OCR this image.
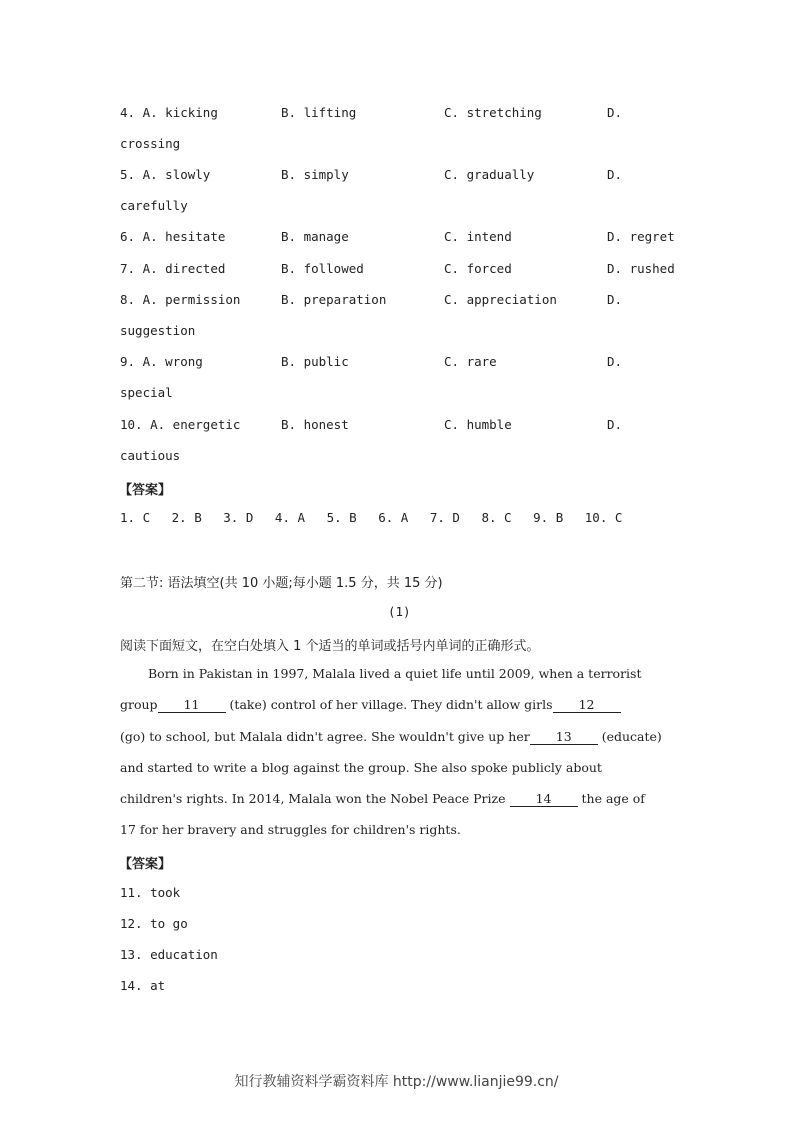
4. A. kicking	B. lifting	C. stretching	D.
crossing
5. A. slowly	B. simply	C. gradually	D.
carefully
6. A. hesitate	B. manage	C. intend	D. regret
7. A. directed	B. followed	C. forced	D. rushed
8. A. permission	B. preparation	C. appreciation	D.
suggestion
9. A. wrong	B. public	C. rare	D.
special
10. A. energetic	B. honest	C. humble	D.
cautious
【答案】
1. C 2. B 3. D 4. A 5. B 6. A 7. D 8. C 9. B 10. C
第二节: 语法填空(共 10 小题;每小题 1.5 分，共 15 分)
(1)
阅读下面短文，在空白处填入 1 个适当的单词或括号内单词的正确形式。
Born in Pakistan in 1997, Malala lived a quiet life until 2009, when a terrorist
group 11 (take) control of her village. They didn't allow girls 12
(go) to school, but Malala didn't agree. She wouldn't give up her 13 (educate)
and started to write a blog against the group. She also spoke publicly about
children's rights. In 2014, Malala won the Nobel Peace Prize 14 the age of
17 for her bravery and struggles for children's rights.
【答案】
11. took
12. to go
13. education
14. at
知行教辅资料学霸资料库 http://www.lianjie99.cn/
